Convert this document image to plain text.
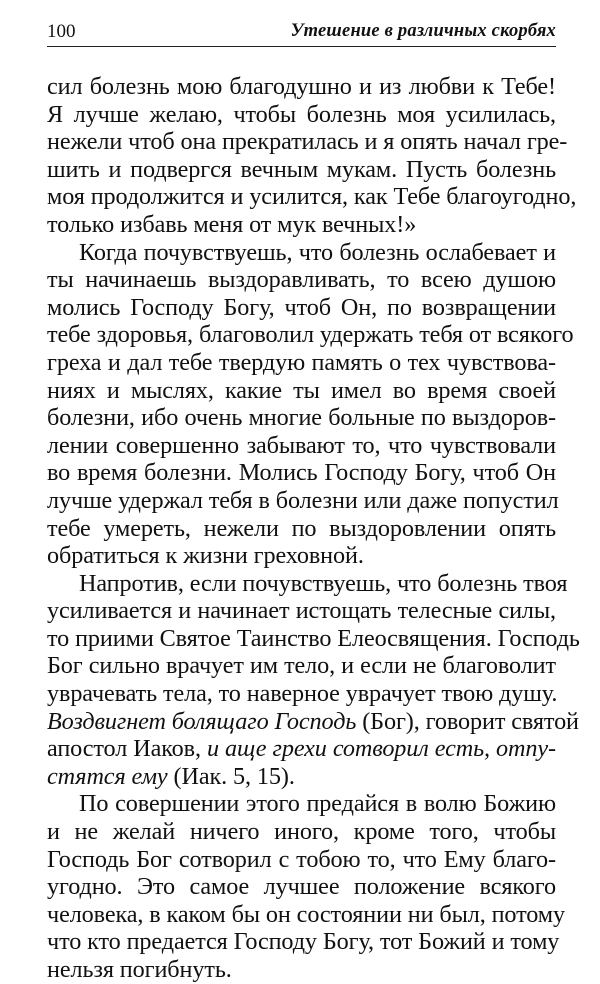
100	Утешение в различных скорбях
сил болезнь мою благодушно и из любви к Тебе!
Я лучше желаю, чтобы болезнь моя усилилась,
нежели чтоб она прекратилась и я опять начал гре-
шить и подвергся вечным мукам. Пусть болезнь
моя продолжится и усилится, как Тебе благоугодно,
только избавь меня от мук вечных!»
Когда почувствуешь, что болезнь ослабевает и
ты начинаешь выздоравливать, то всею душою
молись Господу Богу, чтоб Он, по возвращении
тебе здоровья, благоволил удержать тебя от всякого
греха и дал тебе твердую память о тех чувствова-
ниях и мыслях, какие ты имел во время своей
болезни, ибо очень многие больные по выздоров-
лении совершенно забывают то, что чувствовали
во время болезни. Молись Господу Богу, чтоб Он
лучше удержал тебя в болезни или даже попустил
тебе умереть, нежели по выздоровлении опять
обратиться к жизни греховной.
Напротив, если почувствуешь, что болезнь твоя
усиливается и начинает истощать телесные силы,
то приими Святое Таинство Елеосвящения. Господь
Бог сильно врачует им тело, и если не благоволит
уврачевать тела, то наверное уврачует твою душу.
Воздвигнет болящаго Господь (Бог), говорит святой
апостол Иаков, и аще грехи сотворил есть, отпу-
стятся ему (Иак. 5, 15).
По совершении этого предайся в волю Божию
и не желай ничего иного, кроме того, чтобы
Господь Бог сотворил с тобою то, что Ему благо-
угодно. Это самое лучшее положение всякого
человека, в каком бы он состоянии ни был, потому
что кто предается Господу Богу, тот Божий и тому
нельзя погибнуть.
